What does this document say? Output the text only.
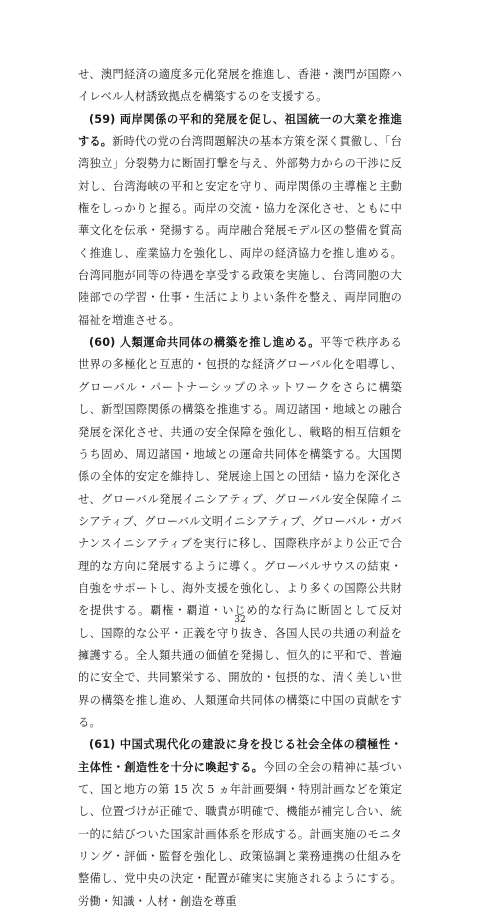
せ、澳門経済の適度多元化発展を推進し、香港・澳門が国際ハイレベル人材誘致拠点を構築するのを支援する。

(59) 両岸関係の平和的発展を促し、祖国統一の大業を推進する。新時代の党の台湾問題解決の基本方策を深く貫徹し、「台湾独立」分裂勢力に断固打撃を与え、外部勢力からの干渉に反対し、台湾海峡の平和と安定を守り、両岸関係の主導権と主動権をしっかりと握る。両岸の交流・協力を深化させ、ともに中華文化を伝承・発揚する。両岸融合発展モデル区の整備を質高く推進し、産業協力を強化し、両岸の経済協力を推し進める。台湾同胞が同等の待遇を享受する政策を実施し、台湾同胞の大陸部での学習・仕事・生活によりよい条件を整え、両岸同胞の福祉を増進させる。

(60) 人類運命共同体の構築を推し進める。平等で秩序ある世界の多極化と互恵的・包摂的な経済グローバル化を唱導し、グローバル・パートナーシップのネットワークをさらに構築し、新型国際関係の構築を推進する。周辺諸国・地域との融合発展を深化させ、共通の安全保障を強化し、戦略的相互信頼をうち固め、周辺諸国・地域との運命共同体を構築する。大国関係の全体的安定を維持し、発展途上国との団結・協力を深化させ、グローバル発展イニシアティブ、グローバル安全保障イニシアティブ、グローバル文明イニシアティブ、グローバル・ガバナンスイニシアティブを実行に移し、国際秩序がより公正で合理的な方向に発展するように導く。グローバルサウスの結束・自強をサポートし、海外支援を強化し、より多くの国際公共財を提供する。覇権・覇道・いじめ的な行為に断固として反対し、国際的な公平・正義を守り抜き、各国人民の共通の利益を擁護する。全人類共通の価値を発揚し、恒久的に平和で、普遍的に安全で、共同繁栄する、開放的・包摂的な、清く美しい世界の構築を推し進め、人類運命共同体の構築に中国の貢献をする。

(61) 中国式現代化の建設に身を投じる社会全体の積極性・主体性・創造性を十分に喚起する。今回の全会の精神に基づいて、国と地方の第 15 次 5 ヵ年計画要綱・特別計画などを策定し、位置づけが正確で、職責が明確で、機能が補完し合い、統一的に結びついた国家計画体系を形成する。計画実施のモニタリング・評価・監督を強化し、政策協調と業務連携の仕組みを整備し、党中央の決定・配置が確実に実施されるようにする。労働・知識・人材・創造を尊重

32
